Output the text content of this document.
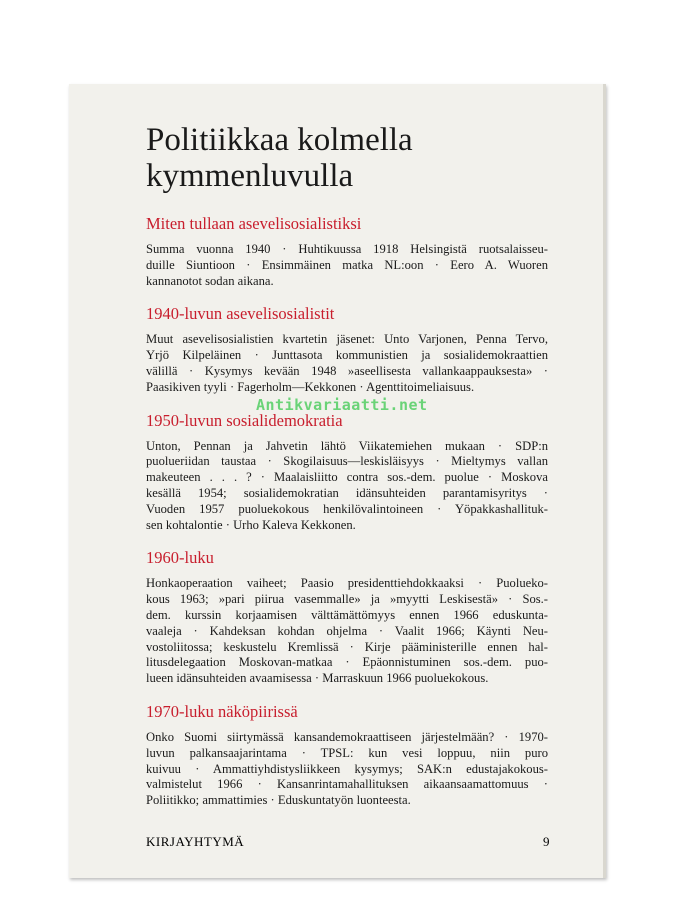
Politiikkaa kolmella
kymmenluvulla
Miten tullaan asevelisosialistiksi

Summa vuonna 1940 · Huhtikuussa 1918 Helsingistä ruotsalaisseu-
duille Siuntioon · Ensimmäinen matka NL:oon · Eero A. Wuoren
kannanotot sodan aikana.

1940-luvun asevelisosialistit

Muut asevelisosialistien kvartetin jäsenet: Unto Varjonen, Penna Tervo,
Yrjö Kilpeläinen · Junttasota kommunistien ja sosialidemokraattien
välillä · Kysymys kevään 1948 »aseellisesta vallankaappauksesta» ·
Paasikiven tyyli · Fagerholm—Kekkonen · Agenttitoimeliaisuus.

1950-luvun sosialidemokratia

Unton, Pennan ja Jahvetin lähtö Viikatemiehen mukaan · SDP:n
puolueriidan taustaa · Skogilaisuus—leskisläisyys · Mieltymys vallan
makeuteen . . . ? · Maalaisliitto contra sos.-dem. puolue · Moskova
kesällä 1954; sosialidemokratian idänsuhteiden parantamisyritys ·
Vuoden 1957 puoluekokous henkilövalintoineen · Yöpakkashallituk-
sen kohtalontie · Urho Kaleva Kekkonen.

1960-luku

Honkaoperaation vaiheet; Paasio presidenttiehdokkaaksi · Puolueko-
kous 1963; »pari piirua vasemmalle» ja »myytti Leskisestä» · Sos.-
dem. kurssin korjaamisen välttämättömyys ennen 1966 eduskunta-
vaaleja · Kahdeksan kohdan ohjelma · Vaalit 1966; Käynti Neu-
vostoliitossa; keskustelu Kremlissä · Kirje pääministerille ennen hal-
litusdelegaation Moskovan-matkaa · Epäonnistuminen sos.-dem. puo-
lueen idänsuhteiden avaamisessa · Marraskuun 1966 puoluekokous.

1970-luku näköpiirissä

Onko Suomi siirtymässä kansandemokraattiseen järjestelmään? · 1970-
luvun palkansaajarintama · TPSL: kun vesi loppuu, niin puro
kuivuu · Ammattiyhdistysliikkeen kysymys; SAK:n edustajakokous-
valmistelut 1966 · Kansanrintamahallituksen aikaansaamattomuus ·
Poliitikko; ammattimies · Eduskuntatyön luonteesta.

KIRJAYHTYMÄ	9
Antikvariaatti.net
